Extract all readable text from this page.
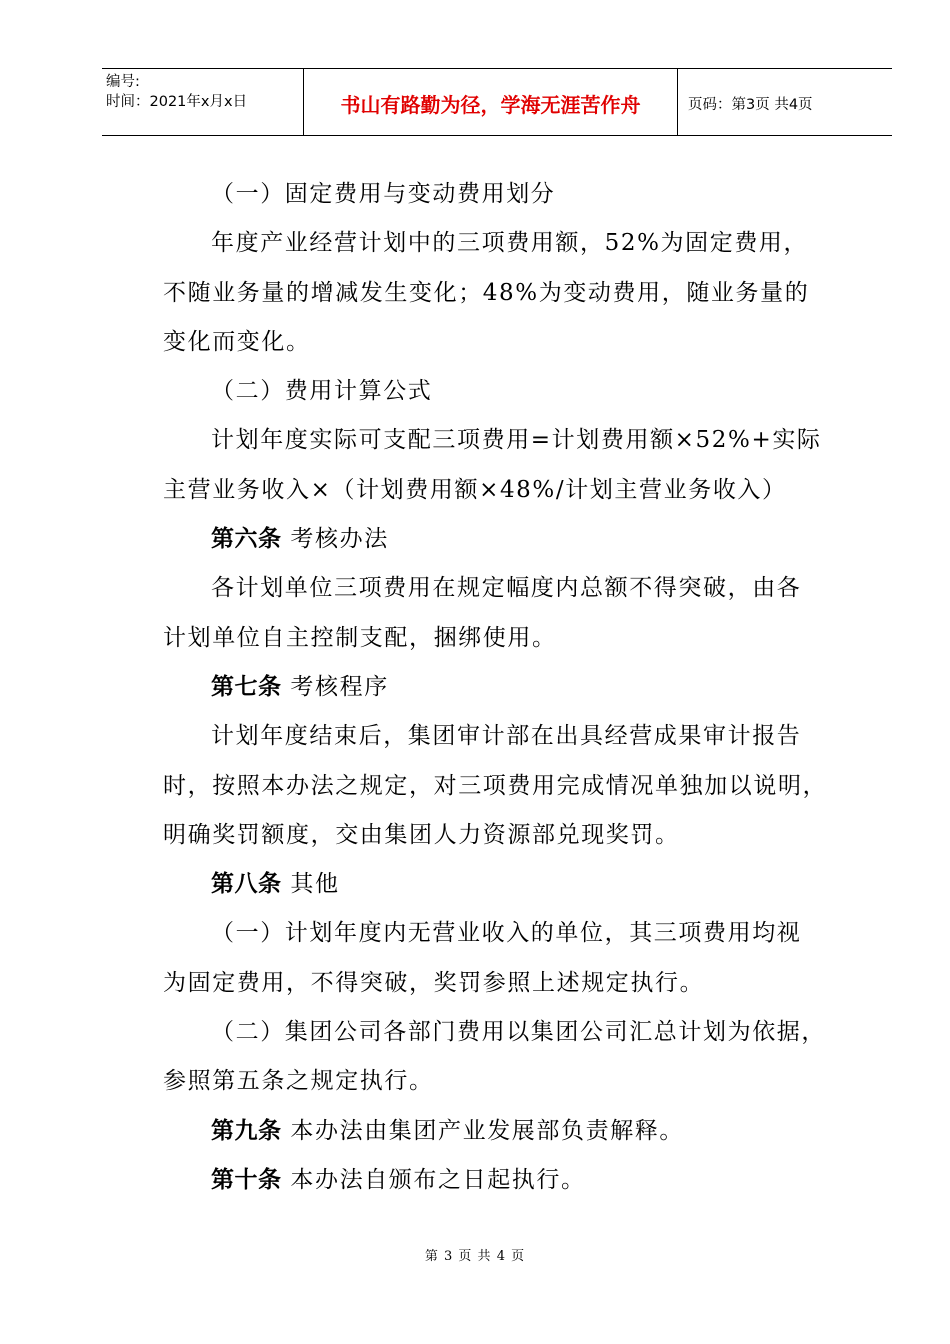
编号:
时间：2021年x月x日	书山有路勤为径，学海无涯苦作舟	页码：第3页 共4页
（一）固定费用与变动费用划分
年度产业经营计划中的三项费用额，52%为固定费用，
不随业务量的增减发生变化；48%为变动费用，随业务量的
变化而变化。
（二）费用计算公式
计划年度实际可支配三项费用=计划费用额×52%+实际
主营业务收入×（计划费用额×48%/计划主营业务收入）
第六条 考核办法
各计划单位三项费用在规定幅度内总额不得突破，由各
计划单位自主控制支配，捆绑使用。
第七条 考核程序
计划年度结束后，集团审计部在出具经营成果审计报告
时，按照本办法之规定，对三项费用完成情况单独加以说明，
明确奖罚额度，交由集团人力资源部兑现奖罚。
第八条 其他
（一）计划年度内无营业收入的单位，其三项费用均视
为固定费用，不得突破，奖罚参照上述规定执行。
（二）集团公司各部门费用以集团公司汇总计划为依据，
参照第五条之规定执行。
第九条 本办法由集团产业发展部负责解释。
第十条 本办法自颁布之日起执行。
第 3 页 共 4 页
